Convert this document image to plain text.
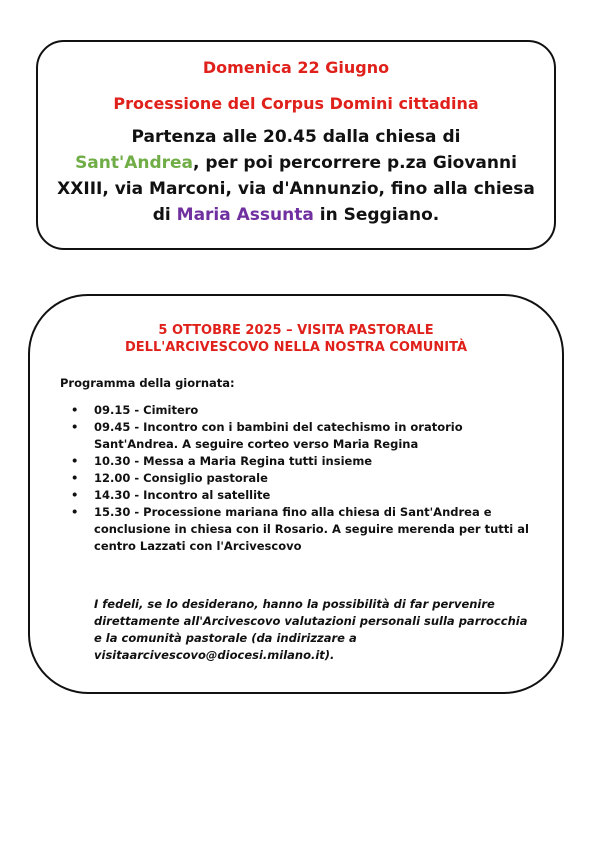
Domenica 22 Giugno
Processione del Corpus Domini cittadina
Partenza alle 20.45 dalla chiesa di
Sant'Andrea, per poi percorrere p.za Giovanni XXIII, via Marconi, via d'Annunzio, fino alla chiesa di Maria Assunta in Seggiano.
5 OTTOBRE 2025 – VISITA PASTORALE
DELL'ARCIVESCOVO NELLA NOSTRA COMUNITÀ
Programma della giornata:
• 09.15 - Cimitero
• 09.45 - Incontro con i bambini del catechismo in oratorio Sant'Andrea. A seguire corteo verso Maria Regina
• 10.30 - Messa a Maria Regina tutti insieme
• 12.00 - Consiglio pastorale
• 14.30 - Incontro al satellite
• 15.30 - Processione mariana fino alla chiesa di Sant'Andrea e conclusione in chiesa con il Rosario. A seguire merenda per tutti al centro Lazzati con l'Arcivescovo
I fedeli, se lo desiderano, hanno la possibilità di far pervenire direttamente all'Arcivescovo valutazioni personali sulla parrocchia e la comunità pastorale (da indirizzare a visitaarcivescovo@diocesi.milano.it).
